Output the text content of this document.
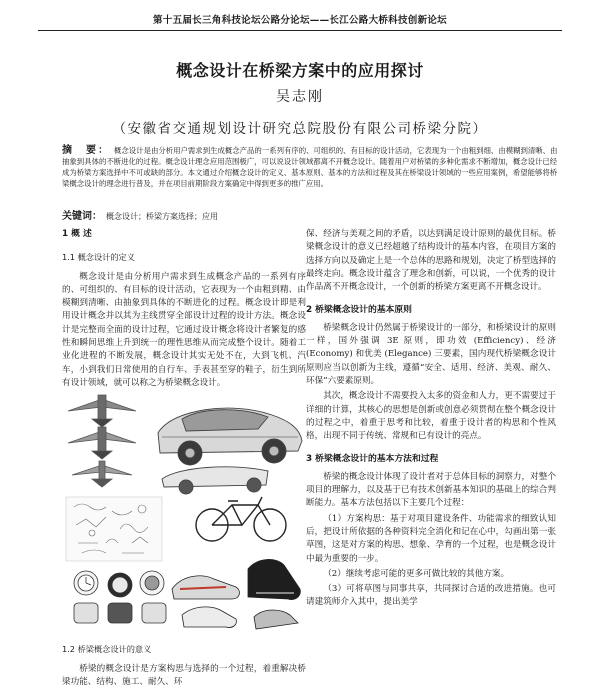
第十五届长三角科技论坛公路分论坛——长江公路大桥科技创新论坛
概念设计在桥梁方案中的应用探讨
吴志刚
（安徽省交通规划设计研究总院股份有限公司桥梁分院）
摘　要： 概念设计是由分析用户需求到生成概念产品的一系列有序的、可组织的、有目标的设计活动，它表现为一个由粗到细、由模糊到清晰、由抽象到具体的不断进化的过程。概念设计理念应用范围极广，可以说设计领域都离不开概念设计。随着用户对桥梁的多种化需求不断增加，概念设计已经成为桥梁方案选择中不可或缺的部分。本文通过介绍概念设计的定义、基本原则、基本的方法和过程及其在桥梁设计领域的一些应用案例，希望能够将桥梁概念设计的理念进行普及，并在项目前期阶段方案确定中得到更多的推广应用。
关键词： 概念设计；桥梁方案选择；应用
1 概 述
1.1 概念设计的定义

概念设计是由分析用户需求到生成概念产品的一系列有序的、可组织的、有目标的设计活动，它表现为一个由粗到精、由模糊到清晰、由抽象到具体的不断进化的过程。概念设计即是利用设计概念并以其为主线贯穿全部设计过程的设计方法。概念设计是完整而全面的设计过程，它通过设计概念将设计者繁复的感性和瞬间思维上升到统一的理性思维从而完成整个设计。随着工业化进程的不断发展，概念设计其实无处不在，大到飞机、汽车，小到我们日常使用的自行车、手表甚至穿的鞋子，衍生到所有设计领域，就可以称之为桥梁概念设计。

1.2 桥梁概念设计的意义

桥梁的概念设计是方案构思与选择的一个过程，着重解决桥梁功能、结构、施工、耐久、环

保、经济与美观之间的矛盾，以达到满足设计原则的最优目标。桥梁概念设计的意义已经超越了结构设计的基本内容，在项目方案的选择方向以及确定上是一个总体的思路和规划，决定了桥型选择的最终走向。概念设计蕴含了理念和创新，可以说，一个优秀的设计作品离不开概念设计，一个创新的桥梁方案更离不开概念设计。

2 桥梁概念设计的基本原则

桥梁概念设计仍然属于桥梁设计的一部分，和桥梁设计的原则一样，国外强调 3E 原则，即功效 (Efficiency)、经济 (Economy) 和优美 (Elegance) 三要素，国内现代桥梁概念设计原则应当以创新为主线，遵循“安全、适用、经济、美观、耐久、环保”六要素原则。

其次，概念设计不需要投入太多的资金和人力，更不需要过于详细的计算，其核心的思想是创新或创意必须贯彻在整个概念设计的过程之中，着重于思考和比较，着重于设计者的构思和个性风格，出现不同于传统、常规和已有设计的亮点。

3 桥梁概念设计的基本方法和过程

桥梁的概念设计体现了设计者对于总体目标的洞察力，对整个项目的理解力，以及基于已有技术创新基本知识的基础上的综合判断能力。基本方法包括以下主要几个过程：

（1）方案构思：基于对项目建设条件、功能需求的细致认知后，把设计所依据的各种资料完全消化和记在心中，勾画出第一张草图，这是对方案的构思、想象、孕育的一个过程，也是概念设计中最为重要的一步。

（2）继续考虑可能的更多可做比较的其他方案。

（3）可将草图与同事共享，共同探讨合适的改进措施。也可请建筑师介入其中，提出美学
